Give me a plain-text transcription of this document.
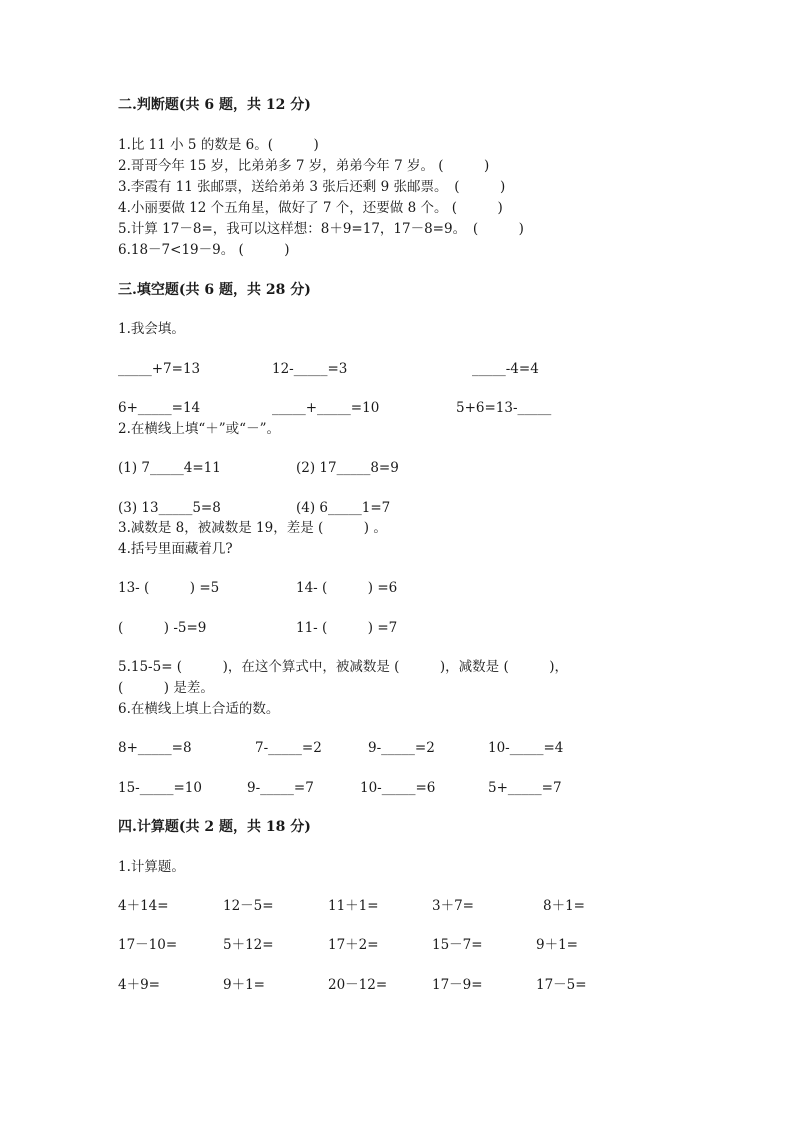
二.判断题(共 6 题，共 12 分)
1.比 11 小 5 的数是 6。(　　　)
2.哥哥今年 15 岁，比弟弟多 7 岁，弟弟今年 7 岁。 (　　　)
3.李霞有 11 张邮票，送给弟弟 3 张后还剩 9 张邮票。　(　　　)
4.小丽要做 12 个五角星，做好了 7 个，还要做 8 个。 (　　　)
5.计算 17－8=，我可以这样想：8＋9=17，17－8=9。　(　　　)
6.18－7<19－9。 (　　　)
三.填空题(共 6 题，共 28 分)
1.我会填。
_____+7=13	12-_____=3	_____-4=4
6+_____=14	_____+_____=10	5+6=13-_____
2.在横线上填“＋”或“－”。
(1) 7_____4=11	(2) 17_____8=9
(3) 13_____5=8	(4) 6_____1=7
3.减数是 8，被减数是 19，差是 (　　　) 。
4.括号里面藏着几?
13- (　　　) =5	14- (　　　) =6
(　　　) -5=9	11- (　　　) =7
5.15-5= (　　　)，在这个算式中，被减数是 (　　　)，减数是 (　　　)，
(　　　) 是差。
6.在横线上填上合适的数。
8+_____=8	7-_____=2	9-_____=2	10-_____=4
15-_____=10	9-_____=7	10-_____=6	5+_____=7
四.计算题(共 2 题，共 18 分)
1.计算题。
4＋14=	12－5=	11＋1=	3＋7=	8＋1=
17－10=	5＋12=	17＋2=	15－7=	9＋1=
4＋9=	9＋1=	20－12=	17－9=	17－5=
